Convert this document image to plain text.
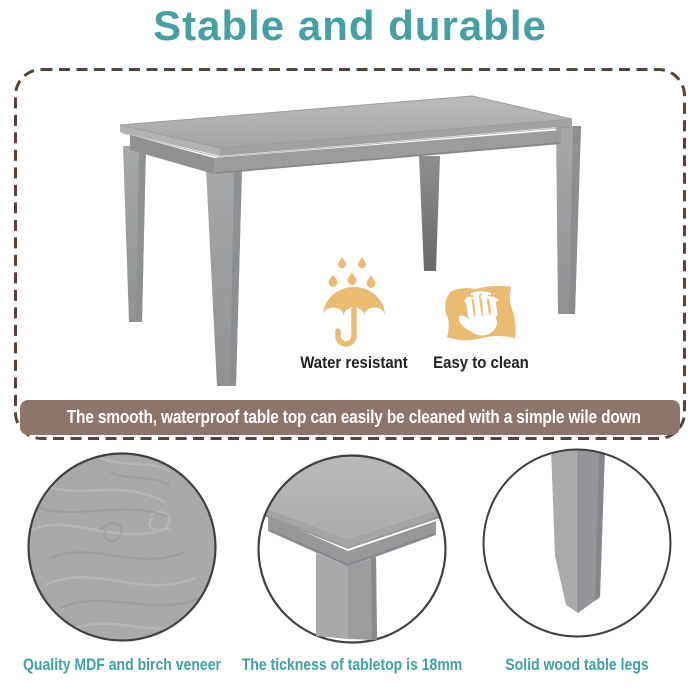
Stable and durable
The smooth, waterproof table top can easily be cleaned with a simple wile down
Water resistant Easy to clean
Quality MDF and birch veneer The tickness of tabletop is 18mm	Solid wood table legs
